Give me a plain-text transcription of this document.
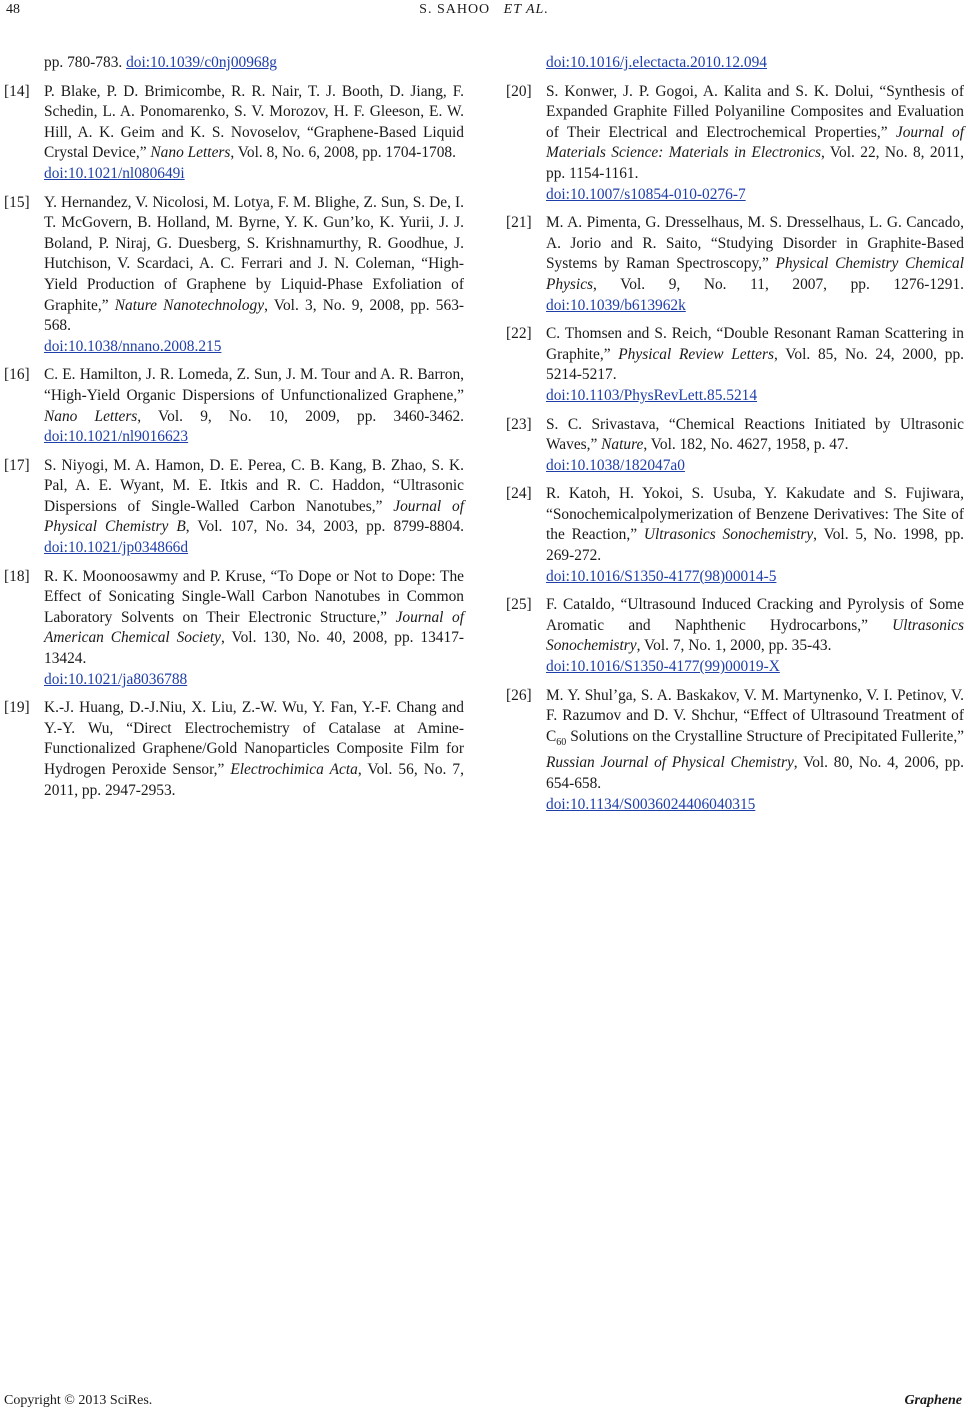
48	S. SAHOO ET AL.
pp. 780-783. doi:10.1039/c0nj00968g
[14] P. Blake, P. D. Brimicombe, R. R. Nair, T. J. Booth, D. Jiang, F. Schedin, L. A. Ponomarenko, S. V. Morozov, H. F. Gleeson, E. W. Hill, A. K. Geim and K. S. Novoselov, “Graphene-Based Liquid Crystal Device,” Nano Letters, Vol. 8, No. 6, 2008, pp. 1704-1708.
doi:10.1021/nl080649i
[15] Y. Hernandez, V. Nicolosi, M. Lotya, F. M. Blighe, Z. Sun, S. De, I. T. McGovern, B. Holland, M. Byrne, Y. K. Gun’ko, K. Yurii, J. J. Boland, P. Niraj, G. Duesberg, S. Krishnamurthy, R. Goodhue, J. Hutchison, V. Scardaci, A. C. Ferrari and J. N. Coleman, “High-Yield Production of Graphene by Liquid-Phase Exfoliation of Graphite,” Nature Nanotechnology, Vol. 3, No. 9, 2008, pp. 563-568.
doi:10.1038/nnano.2008.215
[16] C. E. Hamilton, J. R. Lomeda, Z. Sun, J. M. Tour and A. R. Barron, “High-Yield Organic Dispersions of Unfunctionalized Graphene,” Nano Letters, Vol. 9, No. 10, 2009, pp. 3460-3462. doi:10.1021/nl9016623
[17] S. Niyogi, M. A. Hamon, D. E. Perea, C. B. Kang, B. Zhao, S. K. Pal, A. E. Wyant, M. E. Itkis and R. C. Haddon, “Ultrasonic Dispersions of Single-Walled Carbon Nanotubes,” Journal of Physical Chemistry B, Vol. 107, No. 34, 2003, pp. 8799-8804. doi:10.1021/jp034866d
[18] R. K. Moonoosawmy and P. Kruse, “To Dope or Not to Dope: The Effect of Sonicating Single-Wall Carbon Nanotubes in Common Laboratory Solvents on Their Electronic Structure,” Journal of American Chemical Society, Vol. 130, No. 40, 2008, pp. 13417-13424.
doi:10.1021/ja8036788
[19] K.-J. Huang, D.-J.Niu, X. Liu, Z.-W. Wu, Y. Fan, Y.-F. Chang and Y.-Y. Wu, “Direct Electrochemistry of Catalase at Amine-Functionalized Graphene/Gold Nanoparticles Composite Film for Hydrogen Peroxide Sensor,” Electrochimica Acta, Vol. 56, No. 7, 2011, pp. 2947-2953.
doi:10.1016/j.electacta.2010.12.094
[20] S. Konwer, J. P. Gogoi, A. Kalita and S. K. Dolui, “Synthesis of Expanded Graphite Filled Polyaniline Composites and Evaluation of Their Electrical and Electrochemical Properties,” Journal of Materials Science: Materials in Electronics, Vol. 22, No. 8, 2011, pp. 1154-1161.
doi:10.1007/s10854-010-0276-7
[21] M. A. Pimenta, G. Dresselhaus, M. S. Dresselhaus, L. G. Cancado, A. Jorio and R. Saito, “Studying Disorder in Graphite-Based Systems by Raman Spectroscopy,” Physical Chemistry Chemical Physics, Vol. 9, No. 11, 2007, pp. 1276-1291. doi:10.1039/b613962k
[22] C. Thomsen and S. Reich, “Double Resonant Raman Scattering in Graphite,” Physical Review Letters, Vol. 85, No. 24, 2000, pp. 5214-5217.
doi:10.1103/PhysRevLett.85.5214
[23] S. C. Srivastava, “Chemical Reactions Initiated by Ultrasonic Waves,” Nature, Vol. 182, No. 4627, 1958, p. 47.
doi:10.1038/182047a0
[24] R. Katoh, H. Yokoi, S. Usuba, Y. Kakudate and S. Fujiwara, “Sonochemicalpolymerization of Benzene Derivatives: The Site of the Reaction,” Ultrasonics Sonochemistry, Vol. 5, No. 1998, pp. 269-272.
doi:10.1016/S1350-4177(98)00014-5
[25] F. Cataldo, “Ultrasound Induced Cracking and Pyrolysis of Some Aromatic and Naphthenic Hydrocarbons,” Ultrasonics Sonochemistry, Vol. 7, No. 1, 2000, pp. 35-43.
doi:10.1016/S1350-4177(99)00019-X
[26] M. Y. Shul’ga, S. A. Baskakov, V. M. Martynenko, V. I. Petinov, V. F. Razumov and D. V. Shchur, “Effect of Ultrasound Treatment of $C_{60}$ Solutions on the Crystalline Structure of Precipitated Fullerite,” Russian Journal of Physical Chemistry, Vol. 80, No. 4, 2006, pp. 654-658.
doi:10.1134/S0036024406040315
Copyright © 2013 SciRes.	Graphene
